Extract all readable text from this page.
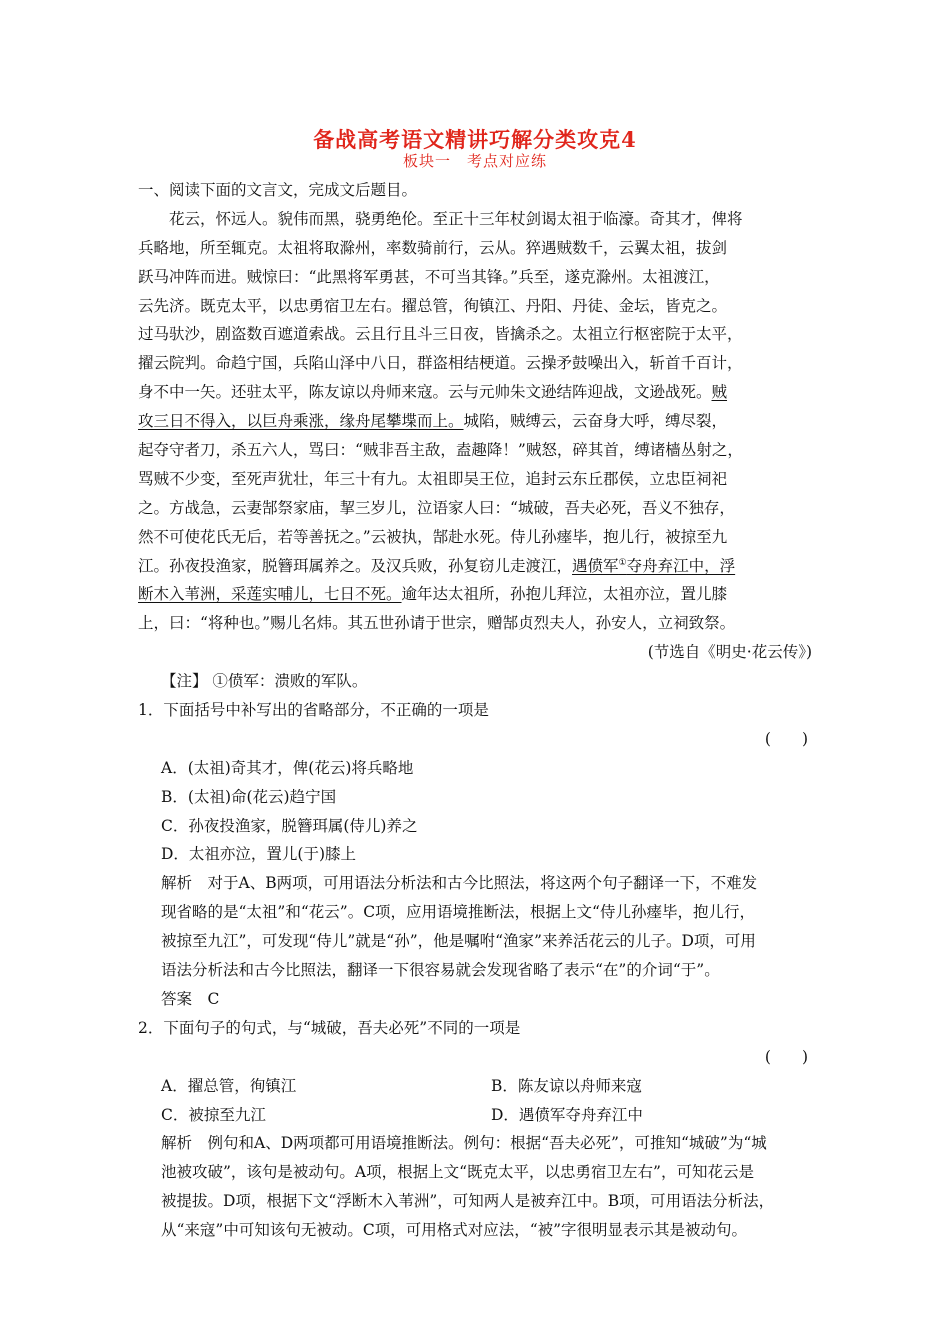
备战高考语文精讲巧解分类攻克4
板块一　考点对应练
一、阅读下面的文言文，完成文后题目。
　　花云，怀远人。貌伟而黑，骁勇绝伦。至正十三年杖剑谒太祖于临濠。奇其才，俾将
兵略地，所至辄克。太祖将取滁州，率数骑前行，云从。猝遇贼数千，云翼太祖，拔剑
跃马冲阵而进。贼惊曰：“此黑将军勇甚，不可当其锋。”兵至，遂克滁州。太祖渡江，
云先济。既克太平，以忠勇宿卫左右。擢总管，徇镇江、丹阳、丹徒、金坛，皆克之。
过马驮沙，剧盗数百遮道索战。云且行且斗三日夜，皆擒杀之。太祖立行枢密院于太平，
擢云院判。命趋宁国，兵陷山泽中八日，群盗相结梗道。云操矛鼓噪出入，斩首千百计，
身不中一矢。还驻太平，陈友谅以舟师来寇。云与元帅朱文逊结阵迎战，文逊战死。贼
攻三日不得入，以巨舟乘涨，缘舟尾攀堞而上。城陷，贼缚云，云奋身大呼，缚尽裂，
起夺守者刀，杀五六人，骂曰：“贼非吾主敌，盍趣降！”贼怒，碎其首，缚诸樯丛射之，
骂贼不少变，至死声犹壮，年三十有九。太祖即吴王位，追封云东丘郡侯，立忠臣祠祀
之。方战急，云妻郜祭家庙，挈三岁儿，泣语家人曰：“城破，吾夫必死，吾义不独存，
然不可使花氏无后，若等善抚之。”云被执，郜赴水死。侍儿孙瘗毕，抱儿行，被掠至九
江。孙夜投渔家，脱簪珥属养之。及汉兵败，孙复窃儿走渡江，遇偾军①夺舟弃江中，浮
断木入苇洲，采莲实哺儿，七日不死。逾年达太祖所，孙抱儿拜泣，太祖亦泣，置儿膝
上，曰：“将种也。”赐儿名炜。其五世孙请于世宗，赠郜贞烈夫人，孙安人，立祠致祭。
(节选自《明史·花云传》)
【注】 ①偾军：溃败的军队。
1．下面括号中补写出的省略部分，不正确的一项是
(　　)
A．(太祖)奇其才，俾(花云)将兵略地
B．(太祖)命(花云)趋宁国
C．孙夜投渔家，脱簪珥属(侍儿)养之
D．太祖亦泣，置儿(于)膝上
解析　对于A、B两项，可用语法分析法和古今比照法，将这两个句子翻译一下，不难发
现省略的是“太祖”和“花云”。C项，应用语境推断法，根据上文“侍儿孙瘗毕，抱儿行，
被掠至九江”，可发现“侍儿”就是“孙”，他是嘱咐“渔家”来养活花云的儿子。D项，可用
语法分析法和古今比照法，翻译一下很容易就会发现省略了表示“在”的介词“于”。
答案　C
2．下面句子的句式，与“城破，吾夫必死”不同的一项是
(　　)
A．擢总管，徇镇江	B．陈友谅以舟师来寇
C．被掠至九江	D．遇偾军夺舟弃江中
解析　例句和A、D两项都可用语境推断法。例句：根据“吾夫必死”，可推知“城破”为“城
池被攻破”，该句是被动句。A项，根据上文“既克太平，以忠勇宿卫左右”，可知花云是
被提拔。D项，根据下文“浮断木入苇洲”，可知两人是被弃江中。B项，可用语法分析法，
从“来寇”中可知该句无被动。C项，可用格式对应法，“被”字很明显表示其是被动句。
